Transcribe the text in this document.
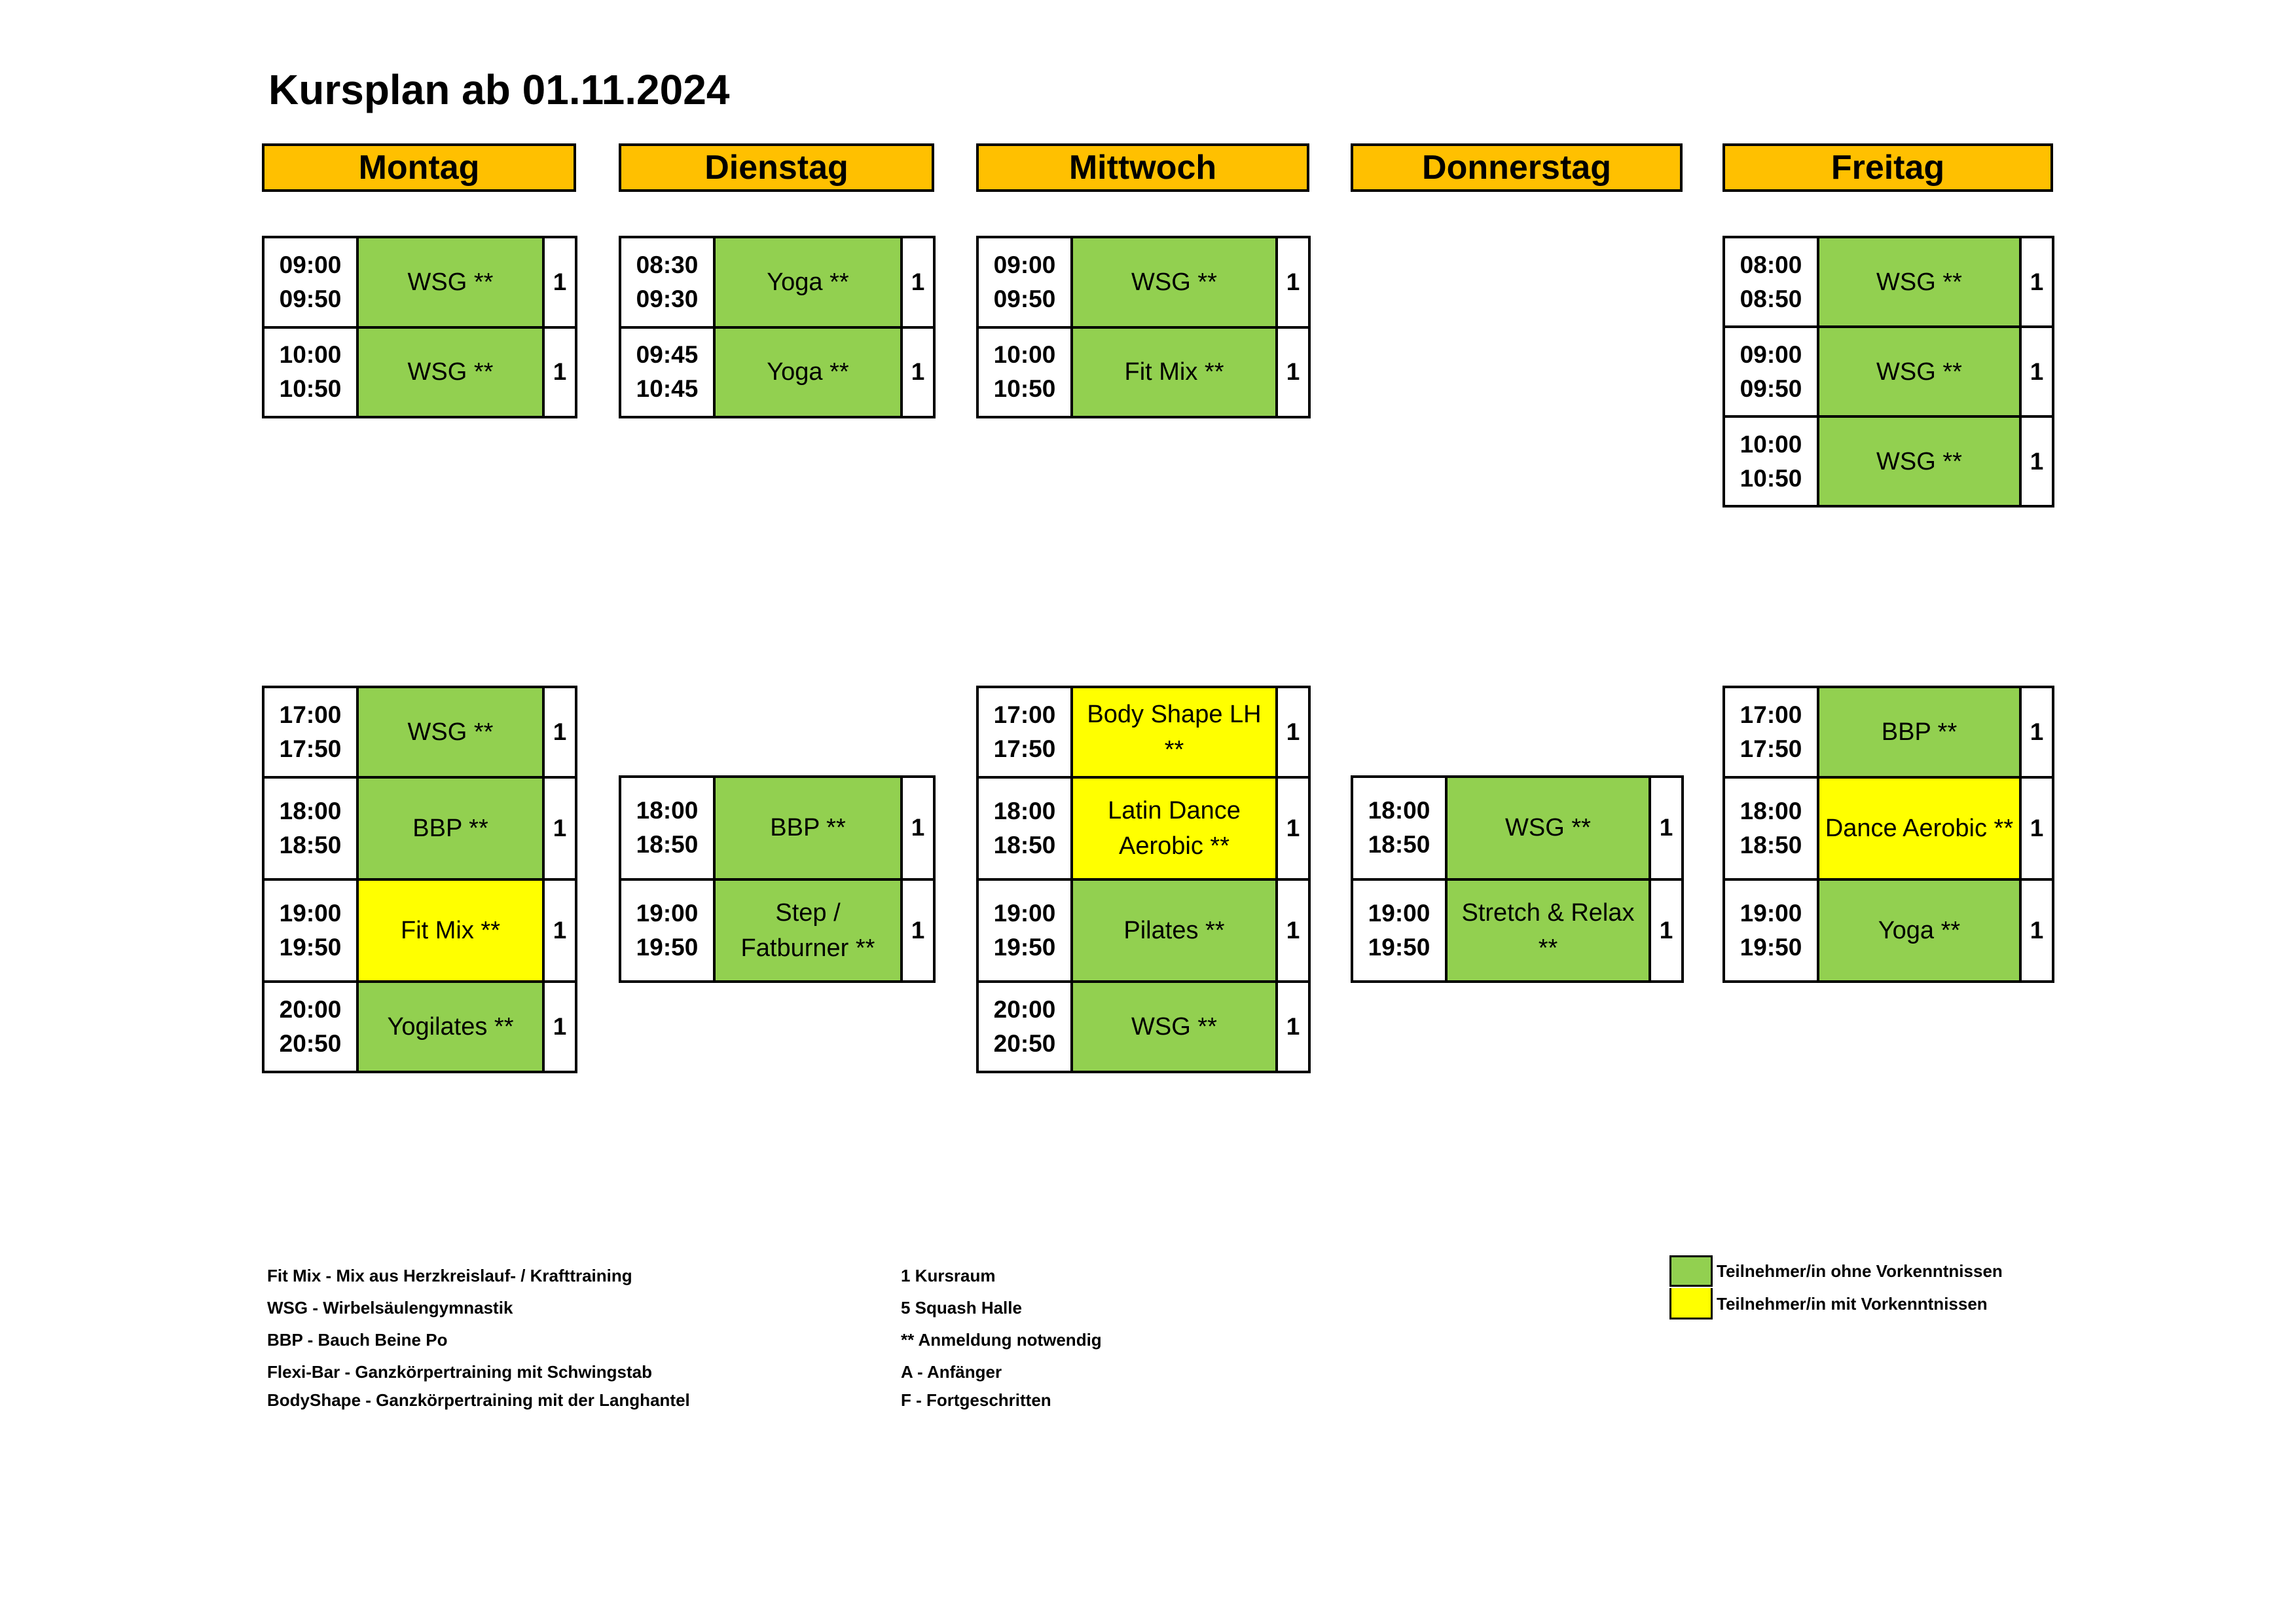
Kursplan ab 01.11.2024
Montag	Dienstag	Mittwoch	Donnerstag	Freitag
09:00
09:50
WSG **	1
10:00
10:50
WSG **	1
08:30
09:30
Yoga **	1
09:45
10:45
Yoga **	1
09:00
09:50
WSG **	1
10:00
10:50
Fit Mix **	1
08:00
08:50
WSG **	1
09:00
09:50
WSG **	1
10:00
10:50
WSG **	1
17:00
17:50
WSG **	1
18:00
18:50
BBP **	1
19:00
19:50
Fit Mix **	1
20:00
20:50
Yogilates **	1
18:00
18:50
BBP **	1
19:00
19:50
Step / Fatburner **
1
17:00
17:50
Body Shape LH **
1
18:00
18:50
Latin Dance Aerobic **
1
19:00
19:50
Pilates **	1
20:00
20:50
WSG **	1
18:00
18:50
WSG **	1
19:00
19:50
Stretch & Relax **
1
17:00
17:50
BBP **	1
18:00
18:50
Dance Aerobic ** 1
19:00
19:50
Yoga **	1
Fit Mix - Mix aus Herzkreislauf- / Krafttraining
WSG - Wirbelsäulengymnastik
BBP - Bauch Beine Po
Flexi-Bar - Ganzkörpertraining mit Schwingstab
BodyShape - Ganzkörpertraining mit der Langhantel
1 Kursraum
5 Squash Halle
** Anmeldung notwendig
A - Anfänger
F - Fortgeschritten
Teilnehmer/in ohne Vorkenntnissen
Teilnehmer/in mit Vorkenntnissen
